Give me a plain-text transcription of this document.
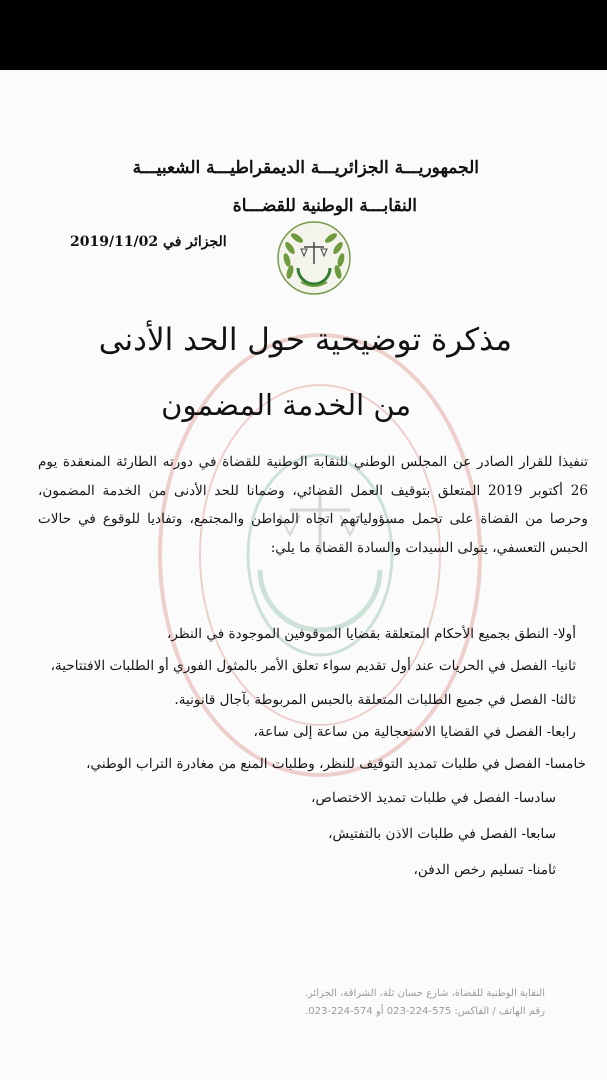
الجمهوريـــة الجزائريـــة الديمقراطيـــة الشعبيـــة
النقابـــة الوطنية للقضـــاة
الجزائر في 2019/11/02
مذكرة توضيحية حول الحد الأدنى
من الخدمة المضمون

تنفيذا للقرار الصادر عن المجلس الوطني للنقابة الوطنية للقضاة في دورته الطارئة المنعقدة يوم 26 أكتوبر 2019 المتعلق بتوقيف العمل القضائي، وضمانا للحد الأدنى من الخدمة المضمون، وحرصا من القضاة على تحمل مسؤولياتهم اتجاه المواطن والمجتمع، وتفاديا للوقوع في حالات الحبس التعسفي، يتولى السيدات والسادة القضاة ما يلي:

أولا- النطق بجميع الأحكام المتعلقة بقضايا الموقوفين الموجودة في النظر،
ثانيا- الفصل في الحريات عند أول تقديم سواء تعلق الأمر بالمثول الفوري أو الطلبات الافتتاحية،
ثالثا- الفصل في جميع الطلبات المتعلقة بالحبس المربوطة بآجال قانونية.
رابعا- الفصل في القضايا الاستعجالية من ساعة إلى ساعة،
خامسا- الفصل في طلبات تمديد التوقيف للنظر، وطلبات المنع من مغادرة التراب الوطني،
سادسا- الفصل في طلبات تمديد الاختصاص،
سابعا- الفصل في طلبات الاذن بالتفتيش،
ثامنا- تسليم رخص الدفن،
النقابة الوطنية للقضاة، شارع حسان ثلة، الشراقة، الجزائر.
رقم الهاتف / الفاكس: 575-224-023 أو 574-224-023.
